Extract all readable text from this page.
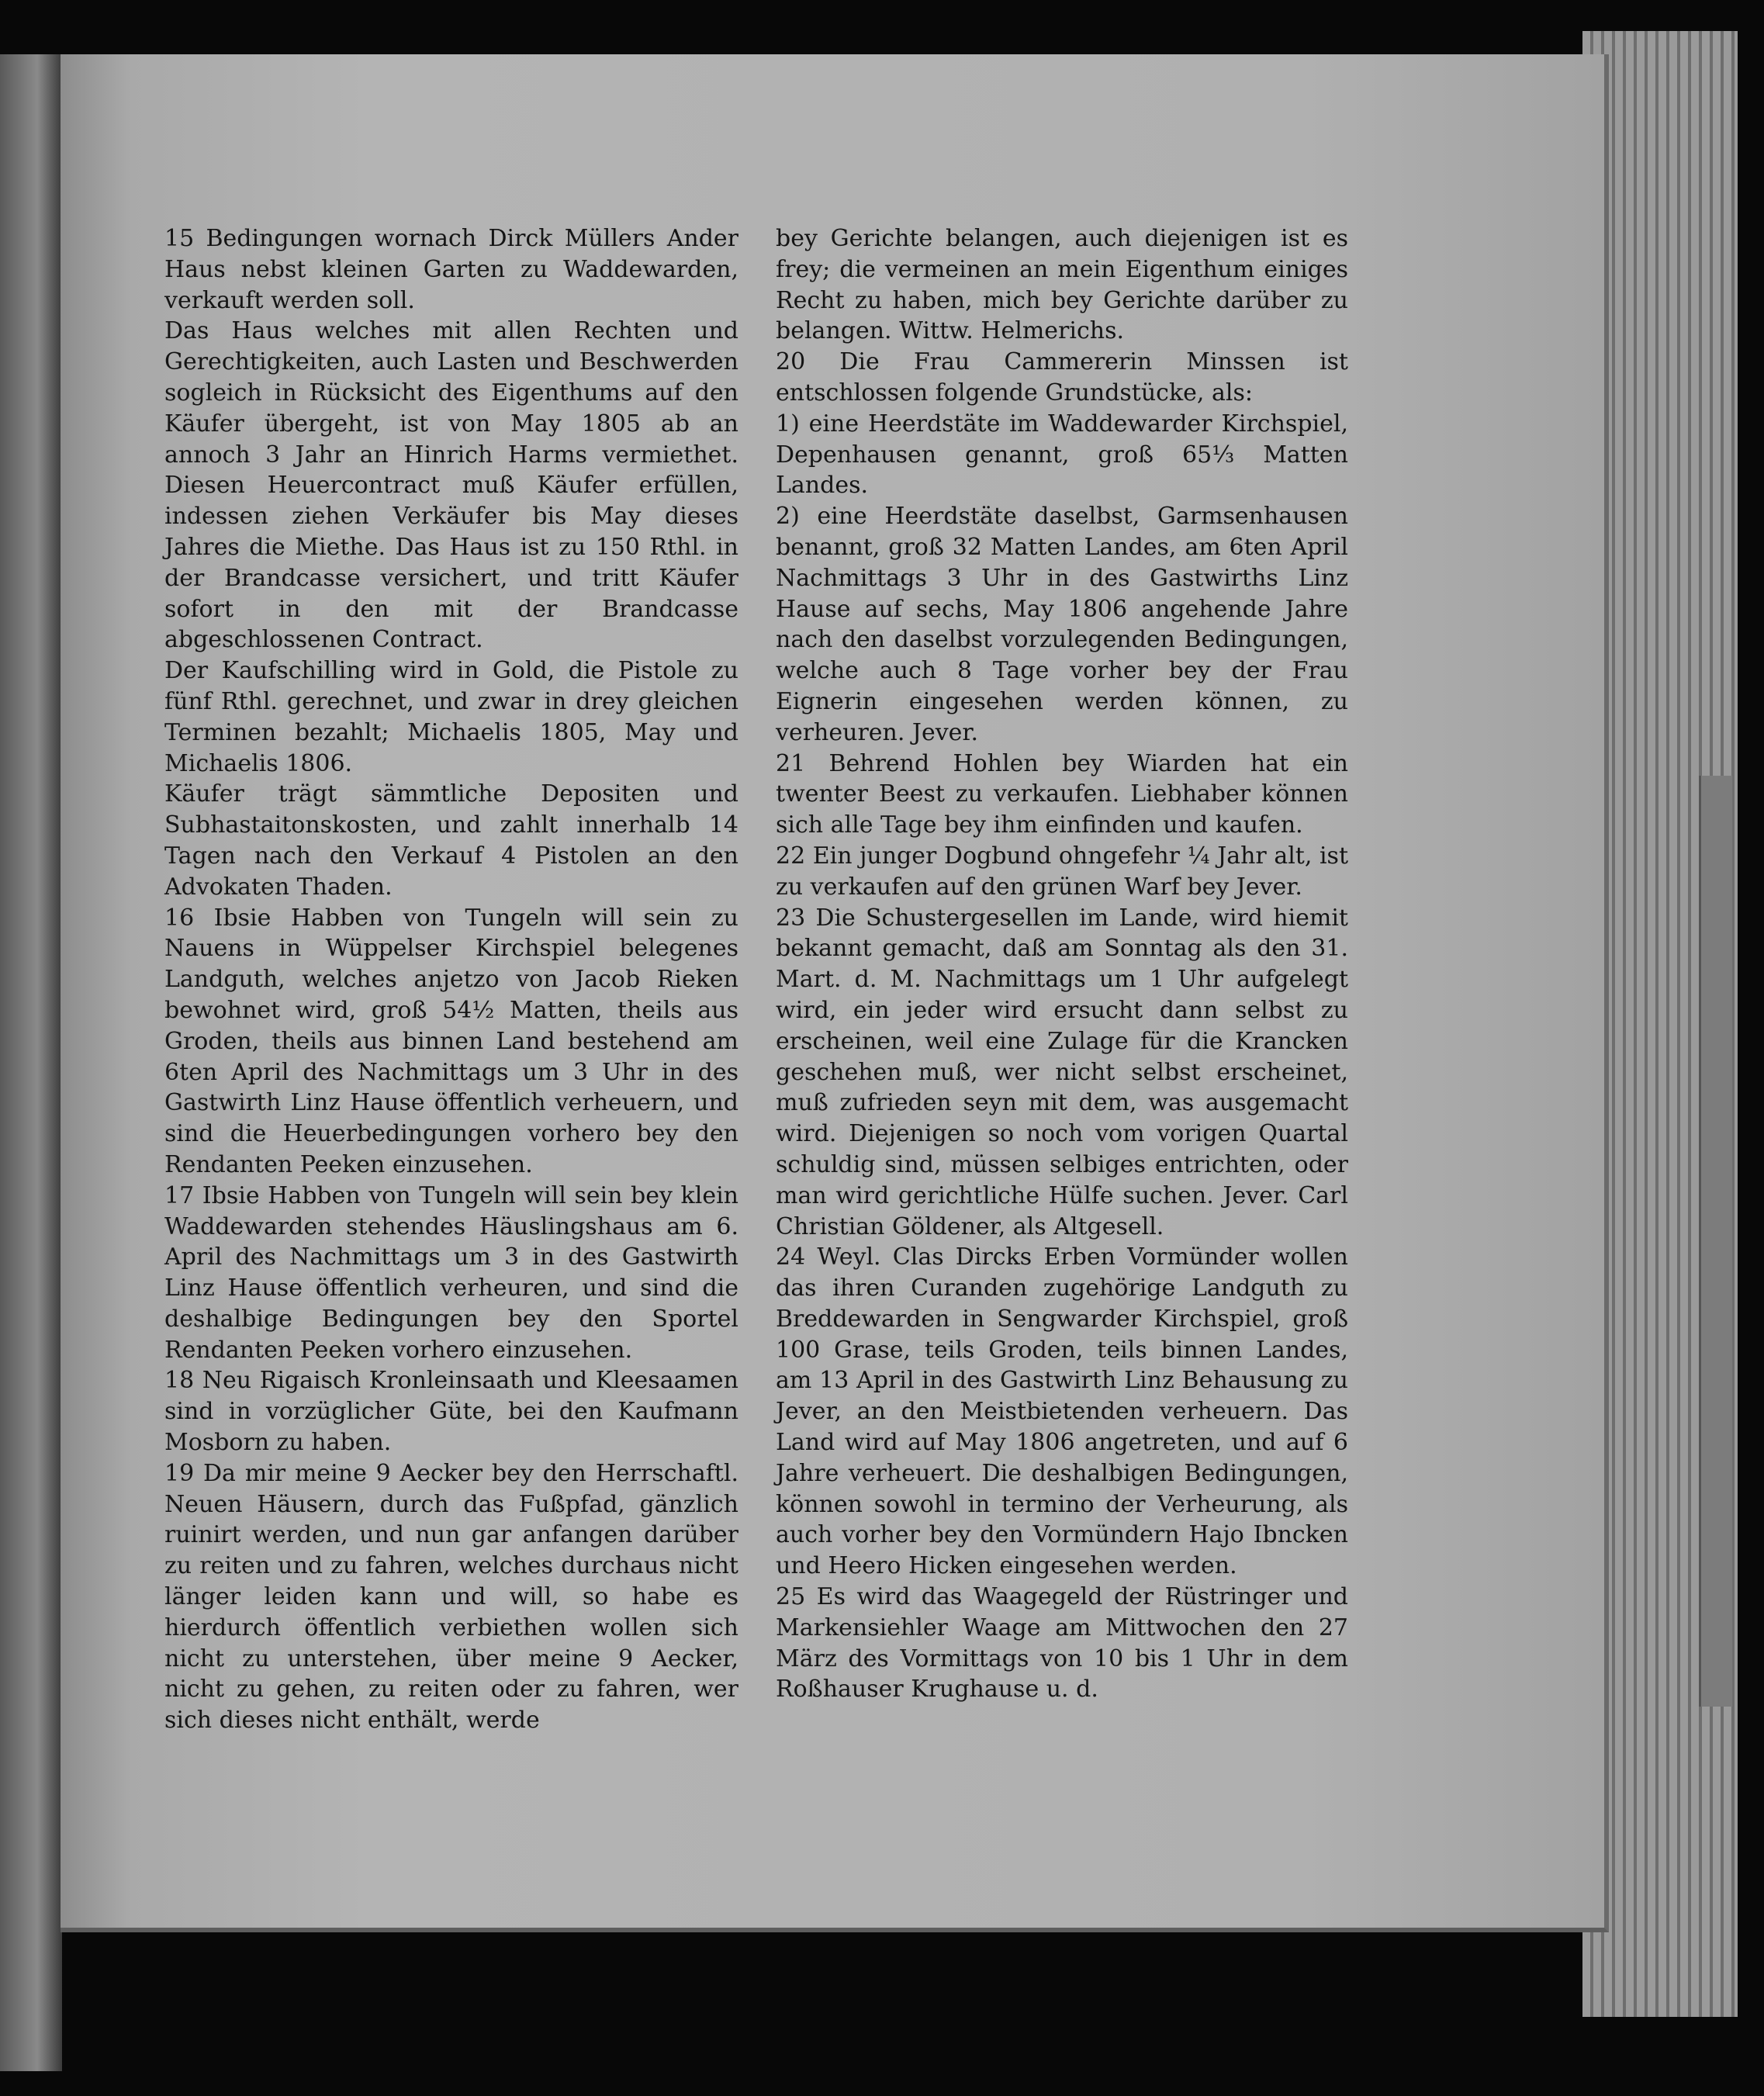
15 Bedingungen wornach Dirck Müllers Ander Haus nebst kleinen Garten zu Waddewarden, verkauft werden soll.

Das Haus welches mit allen Rechten und Gerechtigkeiten, auch Lasten und Beschwerden sogleich in Rücksicht des Eigenthums auf den Käufer übergeht, ist von May 1805 ab an annoch 3 Jahr an Hinrich Harms vermiethet. Diesen Heuercontract muß Käufer erfüllen, indessen ziehen Verkäufer bis May dieses Jahres die Miethe. Das Haus ist zu 150 Rthl. in der Brandcasse versichert, und tritt Käufer sofort in den mit der Brandcasse abgeschlossenen Contract.

Der Kaufschilling wird in Gold, die Pistole zu fünf Rthl. gerechnet, und zwar in drey gleichen Terminen bezahlt; Michaelis 1805, May und Michaelis 1806.

Käufer trägt sämmtliche Depositen und Subhastaitonskosten, und zahlt innerhalb 14 Tagen nach den Verkauf 4 Pistolen an den Advokaten Thaden.

16 Ibsie Habben von Tungeln will sein zu Nauens in Wüppelser Kirchspiel belegenes Landguth, welches anjetzo von Jacob Rieken bewohnet wird, groß 54½ Matten, theils aus Groden, theils aus binnen Land bestehend am 6ten April des Nachmittags um 3 Uhr in des Gastwirth Linz Hause öffentlich verheuern, und sind die Heuerbedingungen vorhero bey den Rendanten Peeken einzusehen.

17 Ibsie Habben von Tungeln will sein bey klein Waddewarden stehendes Häuslingshaus am 6. April des Nachmittags um 3 in des Gastwirth Linz Hause öffentlich verheuren, und sind die deshalbige Bedingungen bey den Sportel Rendanten Peeken vorhero einzusehen.

18 Neu Rigaisch Kronleinsaath und Kleesaamen sind in vorzüglicher Güte, bei den Kaufmann Mosborn zu haben.

19 Da mir meine 9 Aecker bey den Herrschaftl. Neuen Häusern, durch das Fußpfad, gänzlich ruinirt werden, und nun gar anfangen darüber zu reiten und zu fahren, welches durchaus nicht länger leiden kann und will, so habe es hierdurch öffentlich verbiethen wollen sich nicht zu unterstehen, über meine 9 Aecker, nicht zu gehen, zu reiten oder zu fahren, wer sich dieses nicht enthält, werde

bey Gerichte belangen, auch diejenigen ist es frey; die vermeinen an mein Eigenthum einiges Recht zu haben, mich bey Gerichte darüber zu belangen. Wittw. Helmerichs.

20 Die Frau Cammererin Minssen ist entschlossen folgende Grundstücke, als:

1) eine Heerdstäte im Waddewarder Kirchspiel, Depenhausen genannt, groß 65⅓ Matten Landes.

2) eine Heerdstäte daselbst, Garmsenhausen benannt, groß 32 Matten Landes, am 6ten April Nachmittags 3 Uhr in des Gastwirths Linz Hause auf sechs, May 1806 angehende Jahre nach den daselbst vorzulegenden Bedingungen, welche auch 8 Tage vorher bey der Frau Eignerin eingesehen werden können, zu verheuren. Jever.

21 Behrend Hohlen bey Wiarden hat ein twenter Beest zu verkaufen. Liebhaber können sich alle Tage bey ihm einfinden und kaufen.

22 Ein junger Dogbund ohngefehr ¼ Jahr alt, ist zu verkaufen auf den grünen Warf bey Jever.

23 Die Schustergesellen im Lande, wird hiemit bekannt gemacht, daß am Sonntag als den 31. Mart. d. M. Nachmittags um 1 Uhr aufgelegt wird, ein jeder wird ersucht dann selbst zu erscheinen, weil eine Zulage für die Krancken geschehen muß, wer nicht selbst erscheinet, muß zufrieden seyn mit dem, was ausgemacht wird. Diejenigen so noch vom vorigen Quartal schuldig sind, müssen selbiges entrichten, oder man wird gerichtliche Hülfe suchen. Jever. Carl Christian Göldener, als Altgesell.

24 Weyl. Clas Dircks Erben Vormünder wollen das ihren Curanden zugehörige Landguth zu Breddewarden in Sengwarder Kirchspiel, groß 100 Grase, teils Groden, teils binnen Landes, am 13 April in des Gastwirth Linz Behausung zu Jever, an den Meistbietenden verheuern. Das Land wird auf May 1806 angetreten, und auf 6 Jahre verheuert. Die deshalbigen Bedingungen, können sowohl in termino der Verheurung, als auch vorher bey den Vormündern Hajo Ibncken und Heero Hicken eingesehen werden.

25 Es wird das Waagegeld der Rüstringer und Markensiehler Waage am Mittwochen den 27 März des Vormittags von 10 bis 1 Uhr in dem Roßhauser Krughause u. d.
